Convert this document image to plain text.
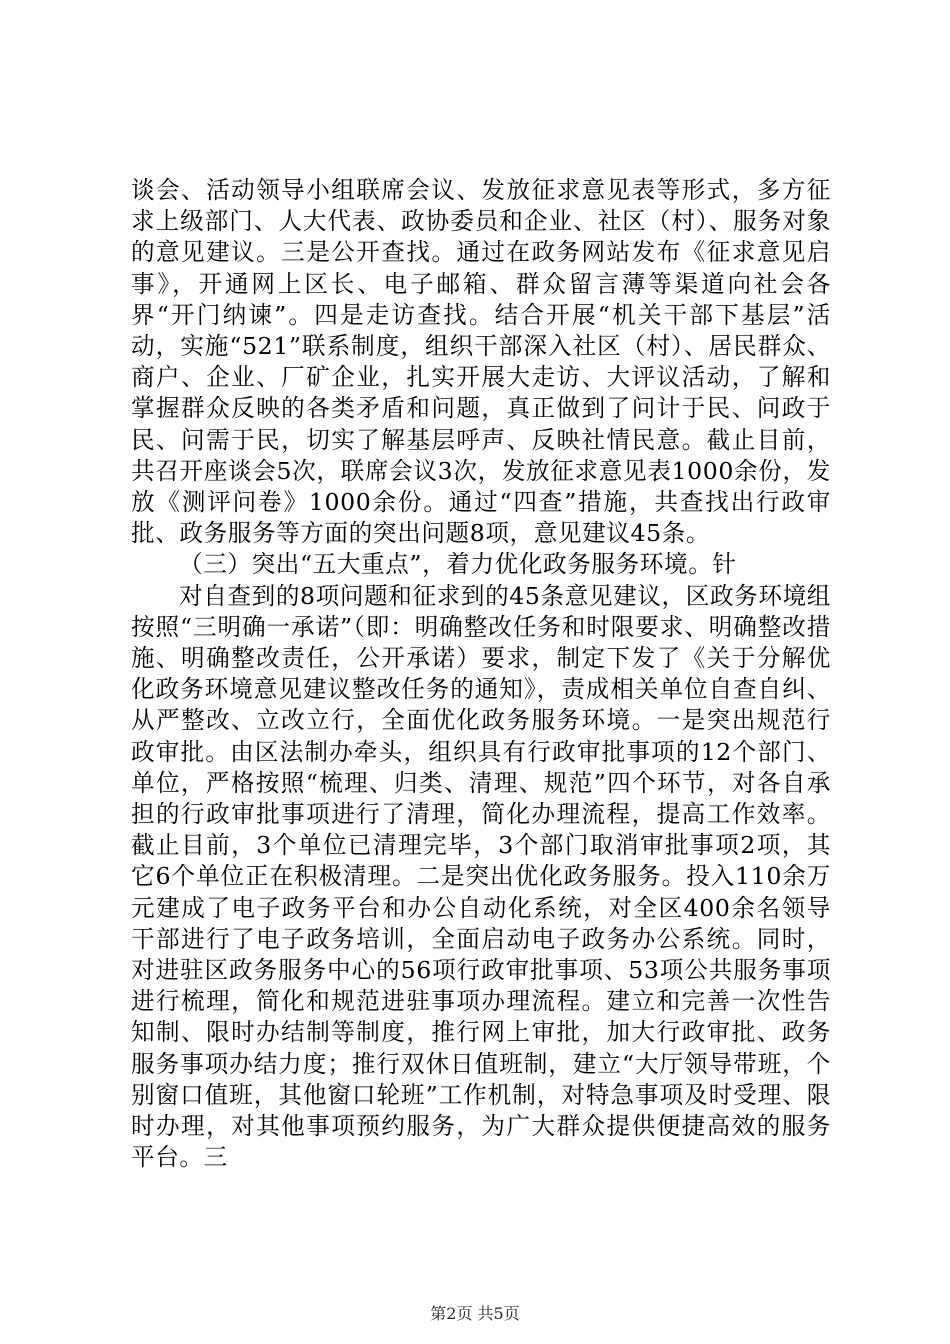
谈会、活动领导小组联席会议、发放征求意见表等形式，多方征求上级部门、人大代表、政协委员和企业、社区（村）、服务对象的意见建议。三是公开查找。通过在政务网站发布《征求意见启事》，开通网上区长、电子邮箱、群众留言薄等渠道向社会各界“开门纳谏”。四是走访查找。结合开展“机关干部下基层”活动，实施“521”联系制度，组织干部深入社区（村）、居民群众、商户、企业、厂矿企业，扎实开展大走访、大评议活动，了解和掌握群众反映的各类矛盾和问题，真正做到了问计于民、问政于民、问需于民，切实了解基层呼声、反映社情民意。截止目前，共召开座谈会5次，联席会议3次，发放征求意见表1000余份，发放《测评问卷》1000余份。通过“四查”措施，共查找出行政审批、政务服务等方面的突出问题8项，意见建议45条。

（三）突出“五大重点”，着力优化政务服务环境。针

对自查到的8项问题和征求到的45条意见建议，区政务环境组按照“三明确一承诺”（即：明确整改任务和时限要求、明确整改措施、明确整改责任，公开承诺）要求，制定下发了《关于分解优化政务环境意见建议整改任务的通知》，责成相关单位自查自纠、从严整改、立改立行，全面优化政务服务环境。一是突出规范行政审批。由区法制办牵头，组织具有行政审批事项的12个部门、单位，严格按照“梳理、归类、清理、规范”四个环节，对各自承担的行政审批事项进行了清理，简化办理流程，提高工作效率。截止目前，3个单位已清理完毕，3个部门取消审批事项2项，其它6个单位正在积极清理。二是突出优化政务服务。投入110余万元建成了电子政务平台和办公自动化系统，对全区400余名领导干部进行了电子政务培训，全面启动电子政务办公系统。同时，对进驻区政务服务中心的56项行政审批事项、53项公共服务事项进行梳理，简化和规范进驻事项办理流程。建立和完善一次性告知制、限时办结制等制度，推行网上审批，加大行政审批、政务服务事项办结力度；推行双休日值班制，建立“大厅领导带班，个别窗口值班，其他窗口轮班”工作机制，对特急事项及时受理、限时办理，对其他事项预约服务，为广大群众提供便捷高效的服务平台。三

第2页 共5页
